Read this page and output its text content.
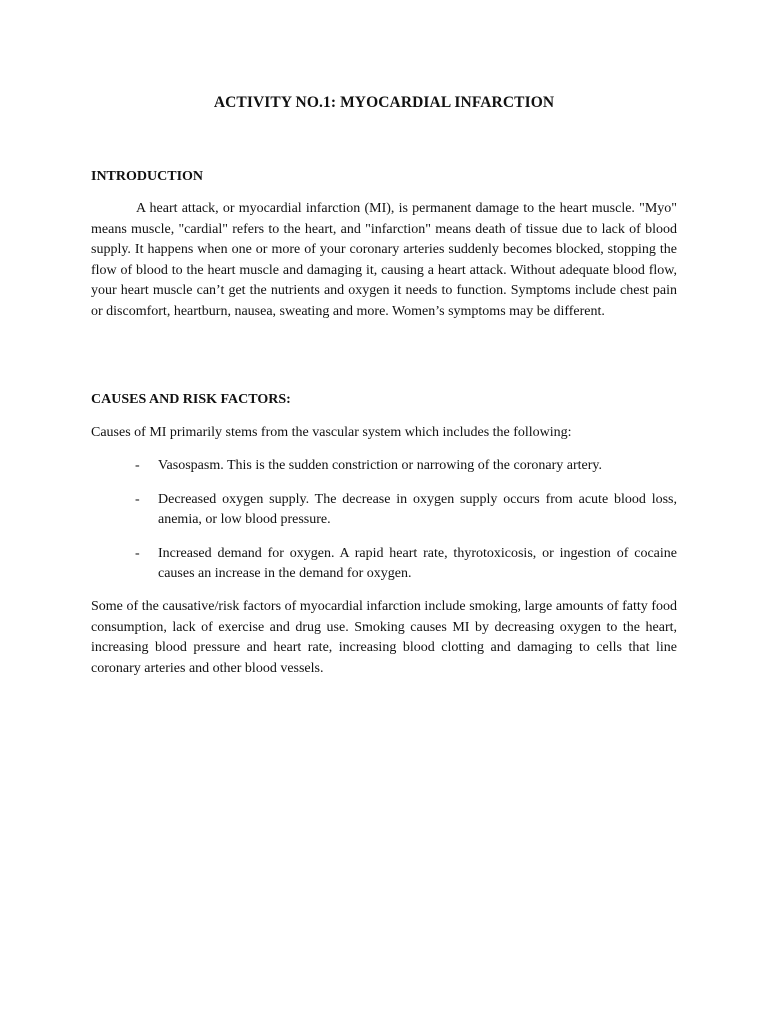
ACTIVITY NO.1: MYOCARDIAL INFARCTION
INTRODUCTION

A heart attack, or myocardial infarction (MI), is permanent damage to the heart muscle. "Myo" means muscle, "cardial" refers to the heart, and "infarction" means death of tissue due to lack of blood supply. It happens when one or more of your coronary arteries suddenly becomes blocked, stopping the flow of blood to the heart muscle and damaging it, causing a heart attack. Without adequate blood flow, your heart muscle can’t get the nutrients and oxygen it needs to function. Symptoms include chest pain or discomfort, heartburn, nausea, sweating and more. Women’s symptoms may be different.

CAUSES AND RISK FACTORS:

Causes of MI primarily stems from the vascular system which includes the following:

- Vasospasm. This is the sudden constriction or narrowing of the coronary artery.
- Decreased oxygen supply. The decrease in oxygen supply occurs from acute blood loss, anemia, or low blood pressure.
- Increased demand for oxygen. A rapid heart rate, thyrotoxicosis, or ingestion of cocaine causes an increase in the demand for oxygen.

Some of the causative/risk factors of myocardial infarction include smoking, large amounts of fatty food consumption, lack of exercise and drug use. Smoking causes MI by decreasing oxygen to the heart, increasing blood pressure and heart rate, increasing blood clotting and damaging to cells that line coronary arteries and other blood vessels.
